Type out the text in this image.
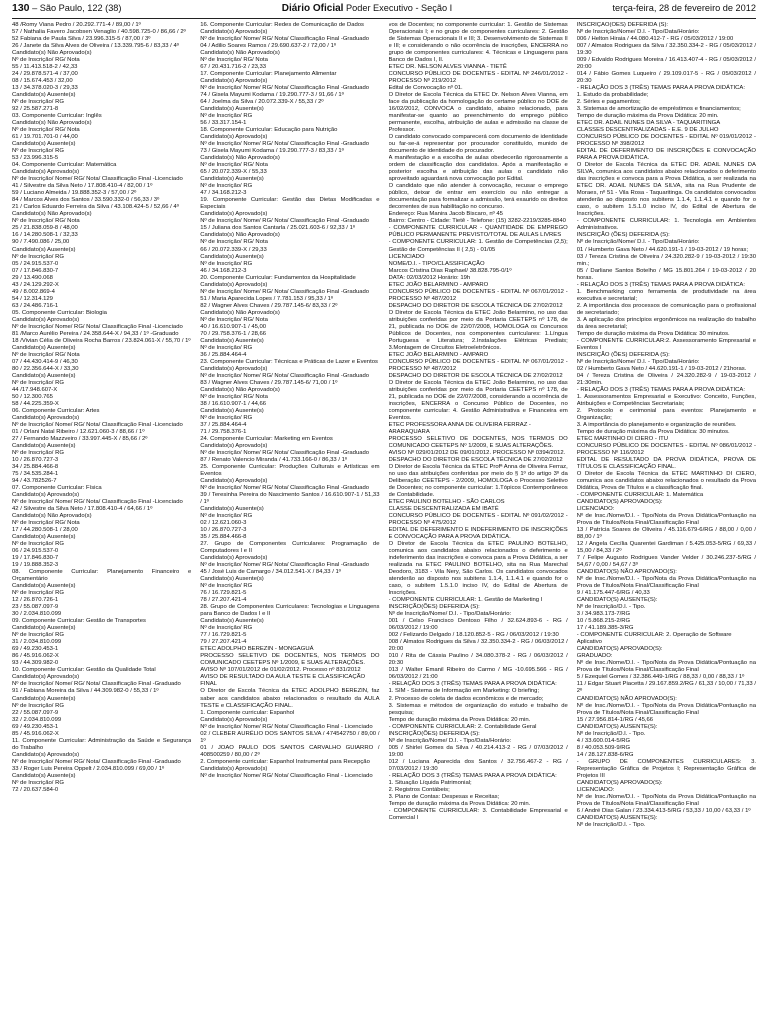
130 – São Paulo, 122 (38)	Diário Oficial Poder Executivo - Seção I	terça-feira, 28 de fevereiro de 2012
48 /Romy Viana Pedro / 20.292.771-4 / 89,00 / 1º
57 / Nathalia Favero Jacobsen Venaglio / 40.598.725-0 / 86,66 / 2º
52 Fabiana de Paula Silva / 23.996.315-5 / 87,00 / 3º
26 / Janete da Silva Alves de Oliveira / 13.339.795-6 / 83,33 / 4º
Candidato(s) Não Aprovado(s)
Nº de Inscrição/ RG/ Nota
55 / 11.413.518-2 / 42,33
24 / 29.878.571-4 / 37,00
08 / 15.674.453 / 32,00
13 / 34.378.020-3 / 29,33
Candidato(s) Ausente(s)
Nº de Inscrição/ RG
92 / 25.587.271-8
03. Componente Curricular: Inglês
Candidato(s) Não Aprovado(s)
Nº de Inscrição/ RG/ Nota
61 / 19.701.701-0 / 44,00
Candidato(s) Ausente(s)
Nº de Inscrição/ RG
53 / 23.996.315-5
04. Componente Curricular: Matemática
Candidato(s) Aprovado(s)
Nº de Inscrição/ Nome/ RG/ Nota/ Classificação Final -Licenciado
41 / Silvestre da Silva Neto / 17.808.410-4 / 82,00 / 1º
59 / Luciano Almeida / 19.888.352-3 / 57,00 / 2º
84 / Marcos Alves dos Santos / 33.590.332-0 / 56,33 / 3º
21 / Carlos Eduardo Ferreira da Silva / 43.108.424-5 / 52,66 / 4º
Candidato(s) Não Aprovado(s)
Nº de Inscrição/ RG/ Nota
25 / 21.838.059-8 / 48,00
16 / 14.280.508-1 / 32,33
90 / 7.490.086 / 25,00
Candidato(s) Ausente(s)
Nº de Inscrição/ RG
05 / 24.915.537-0
07 / 17.846.830-7
29 / 13.490.068
43 / 24.129.292-X
49 / 8.002.869-4
54 / 12.314.129
63 / 24.486.716-1
05. Componente Curricular: Biologia
Candidato(s) Aprovado(s)
Nº de Inscrição/ Nome/ RG/ Nota/ Classificação Final -Licenciado
81 /Marco Aurélio Pereira / 24.358.644-X / 94,33 / 1º -Graduado
18 /Vivian Célia de Oliveira Rocha Barros / 23.824.061-X / 55,70 / 1º
Candidato(s) Ausente(s)
Nº de Inscrição/ RG/ Nota
07 / 44.430.414-9 / 46,30
80 / 22.356.644-X / 33,30
Candidato(s) Ausente(s)
Nº de Inscrição/ RG
44 /17.948.607-X
50 / 12.300.765
58 / 44.225.359-X
06. Componente Curricular: Artes
Candidato(s) Aprovado(s)
Nº de Inscrição/ Nome/ RG/ Nota/ Classificação Final -Licenciado
01 / Orlani Natal Ribeiro / 12.621.060-3 / 88,66 / 1º
27 / Fernando Mazzveiro / 33.997.445-X / 85,66 / 2º
Candidato(s) Ausente(s)
Nº de Inscrição/ RG
10 / 26.870.727-3
34 / 25.884.466-8
75 / 34.535.284-1
94 / 43.782526-7
07. Componente Curricular: Física
Candidato(s) Aprovado(s)
Nº de Inscrição/ Nome/ RG/ Nota/ Classificação Final -Licenciado
42 / Silvestre da Silva Neto / 17.808.410-4 / 64,66 / 1º
Candidato(s) Não Aprovado(s)
Nº de Inscrição/ RG/ Nota
17 / 44.280.508-1 / 28,00
Candidato(s) Ausente(s)
Nº de Inscrição/ RG
06 / 24.915.537-0
19 / 17.846.830-7
19 / 19.888.352-3
08. Componente Curricular: Planejamento Financeiro e Orçamentário
Candidato(s) Ausente(s)
Nº de Inscrição/ RG
12 / 26.870.726-1
23 / 55.087.097-9
30 / 2.034.810.099
09. Componente Curricular: Gestão de Transportes
Candidato(s) Ausente(s)
Nº de Inscrição/ RG
31 / 2.034.810.099
69 / 49.230.453-1
86 / 45.916.062-X
93 / 44.309.982-0
10. Componente Curricular: Gestão da Qualidade Total
Candidato(s) Aprovado(s)
Nº de Inscrição/ Nome/ RG/ Nota/ Classificação Final -Graduado
91 / Fabiana Moreira da Silva / 44.309.982-0 / 55,33 / 1º
Candidato(s) Ausente(s)
Nº de Inscrição/ RG
22 / 55.087.097-9
32 / 2.034.810.099
69 / 49.230.453-1
85 / 45.916.062-X
11. Componente Curricular: Administração da Saúde e Segurança do Trabalho
Candidato(s) Aprovado(s)
Nº de Inscrição/ Nome/ RG/ Nota/ Classificação Final -Graduado
33 / Roger Luis Pereira Oppelt / 2.034.810.099 / 69,00 / 1º
Candidato(s) Ausente(s)
Nº de Inscrição/ RG
72 / 20.637.584-0
16. Componente Curricular: Redes de Comunicação de Dados
Candidato(s) Aprovado(s)
Nº de Inscrição/ Nome/ RG/ Nota/ Classificação Final -Graduado
04 / Adilio Soares Ramos / 29.690.637-2 / 72,00 / 1º
Candidato(s) Não Aprovado(s)
Nº de Inscrição/ RG/ Nota
67 / 20.431.716-2 / 23,33
17. Componente Curricular: Planejamento Alimentar
Candidato(s) Aprovado(s)
Nº de Inscrição/ Nome/ RG/ Nota/ Classificação Final -Graduado
74 / Gisela Mayumi Kodama / 19.290.777-3 / 91,66 / 1º
64 / Joelma da Silva / 20.072.339-X / 55,33 / 2º
Candidato(s) Ausente(s)
Nº de Inscrição/ RG
56 / 33.317.154-1
18. Componente Curricular: Educação para Nutrição
Candidato(s) Aprovado(s)
Nº de Inscrição/ Nome/ RG/ Nota/ Classificação Final -Graduado
73 / Gisela Mayumi Kodama / 19.290.777-3 / 83,33 / 1º
Candidato(s) Não Aprovado(s)
Nº de Inscrição/ RG/ Nota
65 / 20.072.339-X / 55,33
Candidato(s) Ausente(s)
Nº de Inscrição/ RG
47 / 34.168.212-3
19. Componente Curricular: Gestão das Dietas Modificadas e Especiais
Candidato(s) Aprovado(s)
Nº de Inscrição/ Nome/ RG/ Nota/ Classificação Final -Graduado
15 / Juliana dos Santos Cantarla / 25.021.603-6 / 92,33 / 1º
Candidato(s) Não Aprovado(s)
Nº de Inscrição/ RG/ Nota
66 / 20.072.339-X / 29,33
Candidato(s) Ausente(s)
Nº de Inscrição/ RG
46 / 34.168.212-3
20. Componente Curricular: Fundamentos da Hospitalidade
Candidato(s) Aprovado(s)
Nº de Inscrição/ Nome/ RG/ Nota/ Classificação Final -Graduado
51 / Maria Aparecida Lopes / 7.781.153 / 95,33 / 1º
82 / Wagner Alves Chaves / 29.787.145-6/ 83,33 / 2º
Candidato(s) Não Aprovado(s)
Nº de Inscrição/ RG/ Nota
40 / 16.610.907-1 / 45,00
70 / 29.758.376-1 / 28,66
Candidato(s) Ausente(s)
Nº de Inscrição/ RG
36 / 25.884.464-4
23. Componente Curricular: Técnicas e Práticas de Lazer e Eventos
Candidato(s) Aprovado(s)
Nº de Inscrição/ Nome/ RG/ Nota/ Classificação Final -Graduado
83 / Wagner Alves Chaves / 29.787.145-6/ 71,00 / 1º
Candidato(s) Não Aprovado(s)
Nº de Inscrição/ RG/ Nota
38 / 16.610.907-1 / 44,66
Candidato(s) Ausente(s)
Nº de Inscrição/ RG
37 / 25.884.464-4
71 / 29.758.376-1
24. Componente Curricular: Marketing em Eventos
Candidato(s) Aprovado(s)
Nº de Inscrição/ Nome/ RG/ Nota/ Classificação Final -Graduado
87 / Renato Valencio Miranda / 41.733.166-0 / 86,33 / 1º
25. Componente Curricular: Produções Culturais e Artísticas em Eventos
Candidato(s) Aprovado(s)
Nº de Inscrição/ Nome/ RG/ Nota/ Classificação Final -Graduado
39 / Teresinha Pereira do Nascimento Santos / 16.610.907-1 / 51,33 / 1º
Candidato(s) Ausente(s)
Nº de Inscrição/ RG
02 / 12.621.060-3
10 / 26.870.727-3
35 / 25.884.466-8
27. Grupo de Componentes Curriculares: Programação de Computadores I e II
Candidato(s) Aprovado(s)
Nº de Inscrição/ Nome/ RG/ Nota/ Classificação Final -Graduado
45 / José Luis de Camargo / 34.012.541-X / 84,33 / 1º
Candidato(s) Ausente(s)
Nº de Inscrição/ RG
76 / 16.729.821-5
78 / 27.207.421-4
28. Grupo de Componentes Curriculares: Tecnologias e Linguagens para Banco de Dados I e II
Candidato(s) Ausente(s)
Nº de Inscrição/ RG
77 / 16.729.821-5
79 / 27.207.421-4
ETEC ADOLPHO BEREZIN - MONGAGUÁ
PROCESSO SELETIVO DE DOCENTES, NOS TERMOS DO COMUNICADO CEETEPS Nº 1/2009, E SUAS ALTERAÇÕES.
AVISO Nº 107/01/2012 de 01/02/2012. Processo nº 831/2012
AVISO DE RESULTADO DA AULA TESTE E CLASSIFICAÇÃO FINAL
O Diretor de Escola Técnica da ETEC ADOLPHO BEREZIN, faz saber aos candidatos abaixo relacionados o resultado da AULA TESTE e CLASSIFICAÇÃO FINAL.
1. Componente curricular: Espanhol
Candidato(s) Aprovado(s)
Nº de Inscrição/ Nome/ RG/ Nota/ Classificação Final - Licenciado
02 / CLEBER AURÉLIO DOS SANTOS SILVA / 474542750 / 89,00 / 1º
01 / JOAO PAULO DOS SANTOS CARVALHO GUIARRO / 408500259 / 80,00 / 2º
2. Componente curricular: Espanhol Instrumental para Recepção
Candidato(s) Aprovado(s)
Nº de Inscrição/ Nome/ RG/ Nota/ Classificação Final - Licenciado
vos de Docentes; no componente curricular: 1. Gestão de Sistemas Operacionais I; e no grupo de componentes curriculares: 2. Gestão de Sistemas Operacionais II e III; 3. Desenvolvimento de Sistemas II e III; e considerando o não ocorrência de inscrições, ENCERRA no grupo de componentes curriculares: 4. Técnicas e Linguagens para Banco de Dados I, II.
ETEC DR. NELSON ALVES VIANNA - TIETÊ
CONCURSO PÚBLICO DE DOCENTES - EDITAL Nº 246/01/2012 - PROCESSO Nº 219/2012
Edital de Convocação nº 01.
O Diretor de Escola Técnica da ETEC Dr. Nelson Alves Vianna, em face da publicação da homologação do certame público no DOE de 16/02/2012, CONVOCA o candidato, abaixo relacionado, para manifestar-se quanto ao preenchimento do emprego público permanente, escolha, atribuição de aulas e admissão na classe de Professor.
O candidato convocado comparecerá com documento de identidade ou far-se-á representar por procurador constituído, munido de documento de identidade do procurador.
A manifestação e a escolha de aulas obedecerão rigorosamente a ordem de classificação dos candidatos. Após a manifestação e posterior escolha e atribuição das aulas o candidato não aproveitado aguardará nova convocação por Edital.
O candidato que não atender à convocação, recusar o emprego público, deixar de entrar em exercício ou não entregar a documentação para formalizar a admissão, terá exaurido os direitos decorrentes de sua habilitação no concurso.
Endereço: Rua Manira Jacob Biscaro, nº 45
Bairro: Centro - Cidade: Tietê - Telefone: (15) 3282-2219/3285-8840
- COMPONENTE CURRICULAR - QUANTIDADE DE EMPREGO PÚBLICO PERMANENTE PREVISTO/TOTAL DE AULAS LIVRES
- COMPONENTE CURRICULAR: 1. Gestão de Competências (2,5); Gestão de Competências II ( 2,5) - 01/05
LICENCIADO
NOME/D.I. - TIPO/CLASSIFICAÇÃO
Marcos Cristina Dias Raphael/ 38.828.795-0/1º
DATA: 02/03/2012 Horário: 19h
ETEC JOÃO BELARMINO - AMPARO
CONCURSO PÚBLICO DE DOCENTES - EDITAL Nº 067/01/2012 - PROCESSO Nº 487/2012
DESPACHO DO DIRETOR DE ESCOLA TÉCNICA DE 27/02/2012
O Diretor de Escola Técnica da ETEC João Belarmino, no uso das atribuições conferidas por meio da Portaria CEETEPS nº 178, de 21, publicada no DOE de 22/07/2008, HOMOLOGA os Concursos Públicos de Docentes, nos componentes curriculares: 1.Língua Portuguesa e Literatura; 2.Instalações Elétricas Prediais; 3.Montagem de Circuitos Eletroeletrônicos.
ETEC JOÃO BELARMINO - AMPARO
CONCURSO PÚBLICO DE DOCENTES - EDITAL Nº 067/01/2012 - PROCESSO Nº 487/2012
DESPACHO DO DIRETOR DE ESCOLA TÉCNICA DE 27/02/2012
O Diretor de Escola Técnica da ETEC João Belarmino, no uso das atribuições conferidas por meio da Portaria CEETEPS nº 178, de 21, publicada no DOE de 22/07/2008, considerando a ocorrência de inscrições, ENCERRA o Concurso Público de Docentes, no componente curricular: 4. Gestão Administrativa e Financeira em Eventos.
ETEC PROFESSORA ANNA DE OLIVEIRA FERRAZ - ARARAQUARA
PROCESSO SELETIVO DE DOCENTES, NOS TERMOS DO COMUNICADO CEETEPS Nº 1/2009, E SUAS ALTERAÇÕES.
AVISO Nº 029/01/2012 DE 09/01/2012. PROCESSO Nº 0394/2012.
DESPACHO DO DIRETOR DE ESCOLA TÉCNICA DE 27/02/2012
O Diretor de Escola Técnica da ETEC Profª Anna de Oliveira Ferraz, no uso das atribuições conferidas por meio do § 1º do artigo 3º da Deliberação CEETEPS - 2/2009, HOMOLOGA o Processo Seletivo de Docentes; no componente curricular: 1.Tópicos Contemporâneos de Contabilidade.
ETEC PAULINO BOTELHO - SÃO CARLOS
CLASSE DESCENTRALIZADA EM IBATÉ
CONCURSO PÚBLICO DE DOCENTES - EDITAL Nº 091/02/2012 - PROCESSO Nº 475/2012
EDITAL DE DEFERIMENTO E INDEFERIMENTO DE INSCRIÇÕES E CONVOCAÇÃO PARA A PROVA DIDÁTICA.
O Diretor de Escola Técnica da ETEC PAULINO BOTELHO, comunica aos candidatos abaixo relacionados o deferimento e indeferimento das inscrições e convoca para a Prova Didática, a ser realizada na ETEC PAULINO BOTELHO, sita na Rua Marechal Deodoro, 3183 - Vila Nery, São Carlos. Os candidatos convocados atenderão ao disposto nos subitens 1.1.4, 1.1.4.1 e quando for o caso, o subitem 1.5.1.0 inciso IV, do Edital de Abertura de Inscrições.
- COMPONENTE CURRICULAR: 1. Gestão de Marketing I
INSCRIÇÃO(ÕES) DEFERIDA (S):
Nº de Inscrição/Nome/ D.I. - Tipo/Data/Horário:
001 / Celso Francisco Dentoso Filho / 32.624.893-6 - RG / 06/03/2012 / 19:00
002 / Felizardo Delgado / 18.120.852-5 - RG / 06/03/2012 / 19:30
008 / Almatos Rodrigues da Silva / 32.350.334-2 - RG / 06/03/2012 / 20:00
010 / Rita de Cássia Paulino / 34.080.378-2 - RG / 06/03/2012 / 20:30
013 / Walter Emanil Ribeiro do Carmo / MG -10.695.566 - RG / 06/03/2012 / 21:00
- RELAÇÃO DOS 3 (TRÊS) TEMAS PARA A PROVA DIDÁTICA:
1. SIM - Sistema de Informação em Marketing: O briefing;
2. Processo de coleta de dados econômicos e de mercado;
3. Sistemas e métodos de organização do estudo e trabalho de pesquisa;
Tempo de duração máxima da Prova Didática: 20 min.
- COMPONENTE CURRICULAR: 2. Contabilidade Geral
INSCRIÇÃO(ÕES) DEFERIDA (S):
Nº de Inscrição/Nome/ D.I. - Tipo/Data/Horário:
005 / Shirlei Gomes da Silva / 40.214.413-2 - RG / 07/03/2012 / 19:00
012 / Luciana Aparecida dos Santos / 32.756.467-2 - RG / 07/03/2012 / 19:30
- RELAÇÃO DOS 3 (TRÊS) TEMAS PARA A PROVA DIDÁTICA:
1. Situação Líquida Patrimonial;
2. Registros Contábeis;
3. Plano de Contas: Despesas e Receitas;
Tempo de duração máxima da Prova Didática: 20 min.
- COMPONENTE CURRICULAR: 3. Contabilidade Empresarial e Comercial I
INSCRIÇÃO(ÕES) DEFERIDA (S):
Nº de Inscrição/Nome/ D.I. - Tipo/Data/Horário:
006 / Helton Hiraia / 44.080.412-7 - RG / 05/03/2012 / 19:00
007 / Almatos Rodrigues da Silva / 32.350.334-2 - RG / 05/03/2012 / 19:30
009 / Edvaldo Rodrigues Moreira / 16.413.407-4 - RG / 05/03/2012 / 20:00
014 / Fábio Gomes Luqueiro / 29.109.017-5 - RG / 05/03/2012 / 20:30
- RELAÇÃO DOS 3 (TRÊS) TEMAS PARA A PROVA DIDÁTICA:
1. Estudo da probabilidade;
2. Séries e pagamentos;
3. Sistemas de amortização de empréstimos e financiamentos;
Tempo de duração máxima da Prova Didática: 20 min.
ETEC DR. ADAIL NUNES DA SILVA - TAQUARITINGA
CLASSES DESCENTRALIZADAS - E.E. 9 DE JULHO
CONCURSO PÚBLICO DE DOCENTES - EDITAL Nº 019/01/2012 - PROCESSO Nº 398/2012
EDITAL DE DEFERIMENTO DE INSCRIÇÕES E CONVOCAÇÃO PARA A PROVA DIDÁTICA.
O Diretor de Escola Técnica da ETEC DR. ADAIL NUNES DA SILVA, comunica aos candidatos abaixo relacionados o deferimento das inscrições e convoca para a Prova Didática, a ser realizada na ETEC DR. ADAIL NUNES DA SILVA, sita na Rua Prudente de Moraes, nº 51 - Vila Rosa - Taquaritinga. Os candidatos convocados atenderão ao disposto nos subitens 1.1.4, 1.1.4.1 e quando for o caso, o subitem 1.5.1.0 inciso IV, do Edital de Abertura de Inscrições.
- COMPONENTE CURRICULAR: 1. Tecnologia em Ambientes Administrativos.
INSCRIÇÃO (ÕES) DEFERIDA (S):
Nº de Inscrição/Nome/ D.I. - Tipo/Data/Horário:
01 / Humberto Gava Neto / 44.620.191-1 / 19-03-2012 / 19 horas;
03 / Tereza Cristina de Oliveira / 24.320.282-9 / 19-03-2012 / 19:30 min.;
05 / Darliane Santos Botelho / MG 15.801.264 / 19-03-2012 / 20 horas.
- RELAÇÃO DOS 3 (TRÊS) TEMAS PARA A PROVA DIDÁTICA:
1. Benchmarking como ferramenta de produtividade na área executiva e secretarial;
2. A importância dos processos de comunicação para o profissional de secretariado;
3. A aplicação dos princípios ergonômicos na realização do trabalho da área secretarial;
Tempo de duração máxima da Prova Didática: 30 minutos.
- COMPONENTE CURRICULAR:2. Assessoramento Empresarial e Eventos I
INSCRIÇÃO (ÕES) DEFERIDA (S):
Nº de Inscrição/Nome/ D.I. - Tipo/Data/Horário:
02 / Humberto Gava Neto / 44.620.191-1 / 19-03-2012 / 21horas.
04 / Tereza Cristina de Oliveira / 24.320.282-9 / 19-03-2012 / 21:30min.
- RELAÇÃO DOS 3 (TRÊS) TEMAS PARA A PROVA DIDÁTICA:
1. Assessoramentos Empresarial e Executivo: Conceito, Funções, Atribuições e Competências Secretariais;
2. Protocolo e cerimonial para eventos: Planejamento e Organização;
3. A importância do planejamento e organização de reuniões.
Tempo de duração máxima da Prova Didática: 30 minutos.
ETEC MARTINHO DI CIERO - ITU
CONCURSO PÚBLICO DE DOCENTES - EDITAL Nº 086/01/2012 - PROCESSO Nº 116/2012
EDITAL DE RESULTADO DA PROVA DIDÁTICA, PROVA DE TÍTULOS E CLASSIFICAÇÃO FINAL.
O Diretor de Escola Técnica da ETEC MARTINHO DI CIERO, comunica aos candidatos abaixo relacionados o resultado da Prova Didática, Prova de Títulos e a classificação final.
- COMPONENTE CURRICULAR: 1. Matemática
CANDIDATO(S) APROVADO(S):
LICENCIADO:
Nº de Insc./Nome/D.I. - Tipo/Nota da Prova Didática/Pontuação na Prova de Títulos/Nota Final/Classificação Final
13 / Patrícia Soares de Oliveira / 45.116.679-6/RG / 88,00 / 0,00 / 88,00 / 1º
12 / Angela Cecília Quarentei Gardiman / 5.425.053-5/RG / 69,33 / 15,00 / 84,33 / 2º
7 / Felipe Augusto Rodrigues Vander Velder / 30.246.237-5/RG / 54,67 / 0,00 / 54,67 / 3º
CANDIDATO(S) NÃO APROVADO(S):
Nº de Insc./Nome/D.I. - Tipo/Nota da Prova Didática/Pontuação na Prova de Títulos/Nota Final/Classificação Final
9 / 41.175.447-6/RG / 40,33
CANDIDATO(S) AUSENTE(S):
Nº de Inscrição/D.I. - Tipo.
3 / 34.983.173-7/RG
10 / 5.868.215-2/RG
17 / 41.189.385-3/RG
- COMPONENTE CURRICULAR: 2. Operação de Software Aplicativo
CANDIDATO(S) APROVADO(S):
GRADUADO:
Nº de Insc./Nome/D.I. - Tipo/Nota da Prova Didática/Pontuação na Prova de Títulos/Nota Final/Classificação Final
5 / Ezequiel Gomes / 32.386.449-1/RG / 88,33 / 0,00 / 88,33 / 1º
11 / Edgar Stuart Piacetta / 29.167.859.2/RG / 61,33 / 10,00 / 71,33 / 2º
CANDIDATO(S) NÃO APROVADO(S):
Nº de Insc./Nome/D.I. - Tipo/Nota da Prova Didática/Pontuação na Prova de Títulos/Nota Final/Classificação Final
15 / 27.956.814-1/RG / 45,66
CANDIDATO(S) AUSENTE(S):
Nº de Inscrição/D.I. - Tipo.
4 / 33.600.014-5/RG
8 / 40.053.509-9/RG
14 / 28.127.838-6/RG
- GRUPO DE COMPONENTES CURRICULARES: 3. Representação Gráfica de Projetos I; Representação Gráfica de Projetos III
CANDIDATO(S) APROVADO(S):
LICENCIADO:
Nº de Insc./Nome/D.I. - Tipo/Nota da Prova Didática/Pontuação na Prova de Títulos/Nota Final/Classificação Final
6 / André Dias Galan / 23.334.413-5/RG / 53,33 / 10,00 / 63,33 / 1º
CANDIDATO(S) AUSENTE(S):
Nº de Inscrição/D.I. - Tipo.
